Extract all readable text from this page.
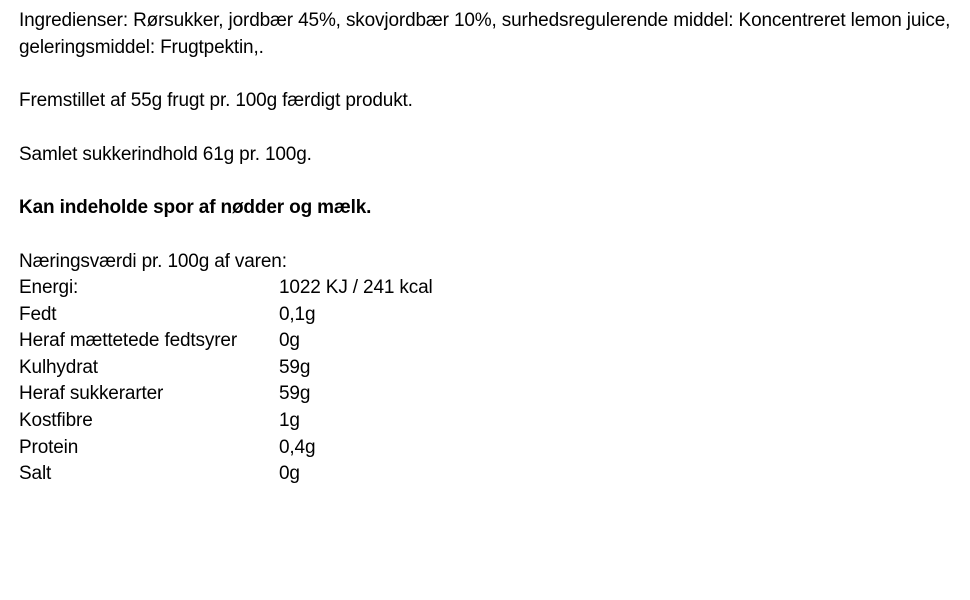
Ingredienser: Rørsukker, jordbær 45%, skovjordbær 10%, surhedsregulerende middel: Koncentreret lemon juice, geleringsmiddel: Frugtpektin,.

Fremstillet af 55g frugt pr. 100g færdigt produkt.

Samlet sukkerindhold 61g pr. 100g.

Kan indeholde spor af nødder og mælk.

Næringsværdi pr. 100g af varen:

Energi:	1022 KJ / 241 kcal
Fedt	0,1g
Heraf mættetede fedtsyrer	0g
Kulhydrat	59g
Heraf sukkerarter	59g
Kostfibre	1g
Protein	0,4g
Salt	0g
